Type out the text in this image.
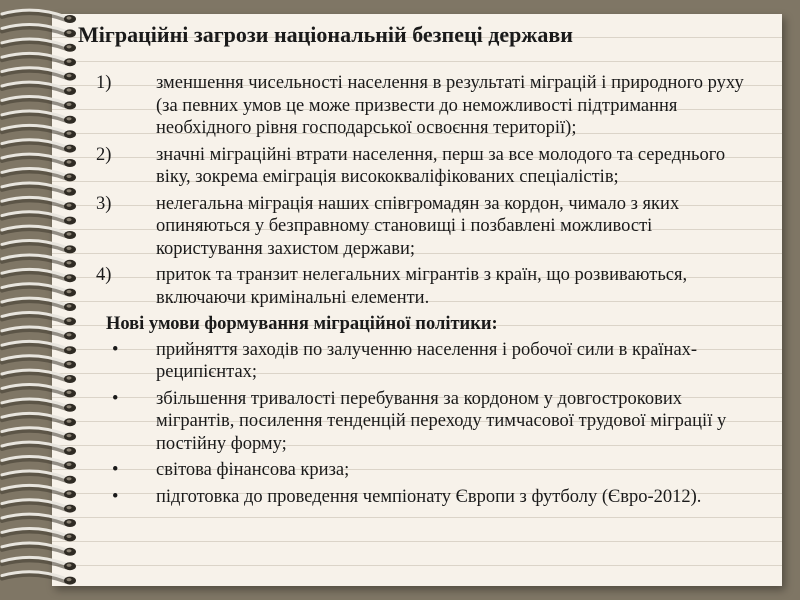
Міграційні загрози національній безпеці держави
1)	зменшення чисельності населення в результаті міграцій і природного руху (за певних умов це може призвести до неможливості підтримання необхідного рівня господарської освоєння території);
2)	значні міграційні втрати населення, перш за все молодого та середнього віку, зокрема еміграція висококваліфікованих спеціалістів;
3)	нелегальна міграція наших співгромадян за кордон, чимало з яких опиняються у безправному становищі і позбавлені можливості користування захистом держави;
4)	приток та транзит нелегальних мігрантів з країн, що розвиваються, включаючи кримінальні елементи.
Нові умови формування міграційної політики:
•	прийняття заходів по залученню населення і робочої сили в країнах-реципієнтах;
•	збільшення тривалості перебування за кордоном у довгострокових мігрантів, посилення тенденцій переходу тимчасової трудової міграції у постійну форму;
•	світова фінансова криза;
•	підготовка до проведення чемпіонату Європи з футболу (Євро-2012).
